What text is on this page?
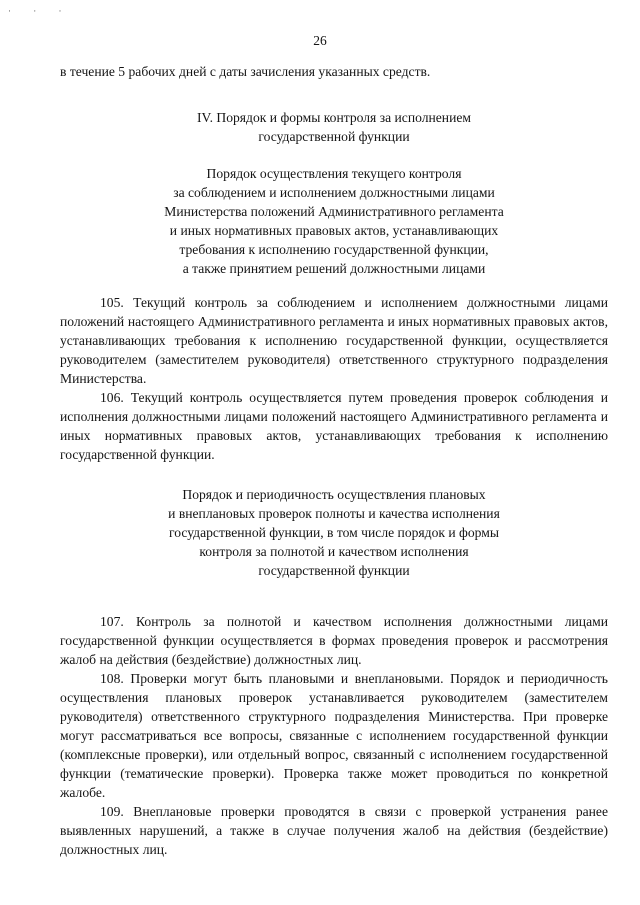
· · ·
26

в течение 5 рабочих дней с даты зачисления указанных средств.

IV. Порядок и формы контроля за исполнением
государственной функции
Порядок осуществления текущего контроля
за соблюдением и исполнением должностными лицами
Министерства положений Административного регламента
и иных нормативных правовых актов, устанавливающих
требования к исполнению государственной функции,
а также принятием решений должностными лицами

105. Текущий контроль за соблюдением и исполнением должностными лицами положений настоящего Административного регламента и иных нормативных правовых актов, устанавливающих требования к исполнению государственной функции, осуществляется руководителем (заместителем руководителя) ответственного структурного подразделения Министерства.

106. Текущий контроль осуществляется путем проведения проверок соблюдения и исполнения должностными лицами положений настоящего Административного регламента и иных нормативных правовых актов, устанавливающих требования к исполнению государственной функции.

Порядок и периодичность осуществления плановых
и внеплановых проверок полноты и качества исполнения
государственной функции, в том числе порядок и формы
контроля за полнотой и качеством исполнения
государственной функции

107. Контроль за полнотой и качеством исполнения должностными лицами государственной функции осуществляется в формах проведения проверок и рассмотрения жалоб на действия (бездействие) должностных лиц.

108. Проверки могут быть плановыми и внеплановыми. Порядок и периодичность осуществления плановых проверок устанавливается руководителем (заместителем руководителя) ответственного структурного подразделения Министерства. При проверке могут рассматриваться все вопросы, связанные с исполнением государственной функции (комплексные проверки), или отдельный вопрос, связанный с исполнением государственной функции (тематические проверки). Проверка также может проводиться по конкретной жалобе.

109. Внеплановые проверки проводятся в связи с проверкой устранения ранее выявленных нарушений, а также в случае получения жалоб на действия (бездействие) должностных лиц.
